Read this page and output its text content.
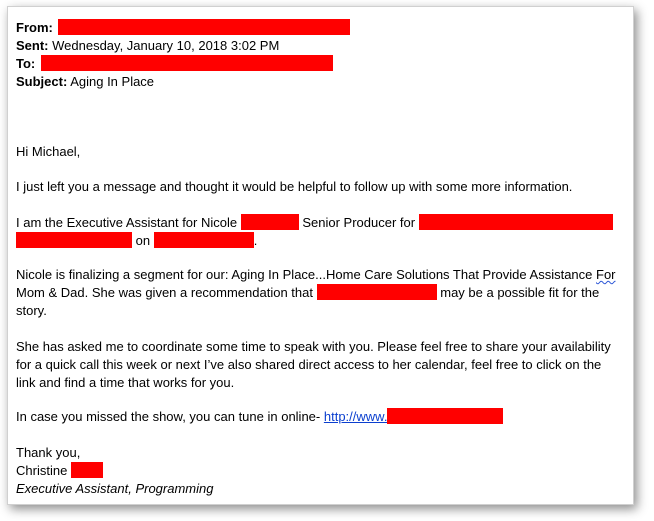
From:
Sent: Wednesday, January 10, 2018 3:02 PM
To:
Subject: Aging In Place
Hi Michael,
I just left you a message and thought it would be helpful to follow up with some more information.
I am the Executive Assistant for Nicole	Senior Producer for
on	.
Nicole is finalizing a segment for our: Aging In Place...Home Care Solutions That Provide Assistance For
Mom & Dad. She was given a recommendation that	may be a possible fit for the
story.
She has asked me to coordinate some time to speak with you. Please feel free to share your availability
for a quick call this week or next I’ve also shared direct access to her calendar, feel free to click on the
link and find a time that works for you.
In case you missed the show, you can tune in online- http://www.
Thank you,
Christine
Executive Assistant, Programming
